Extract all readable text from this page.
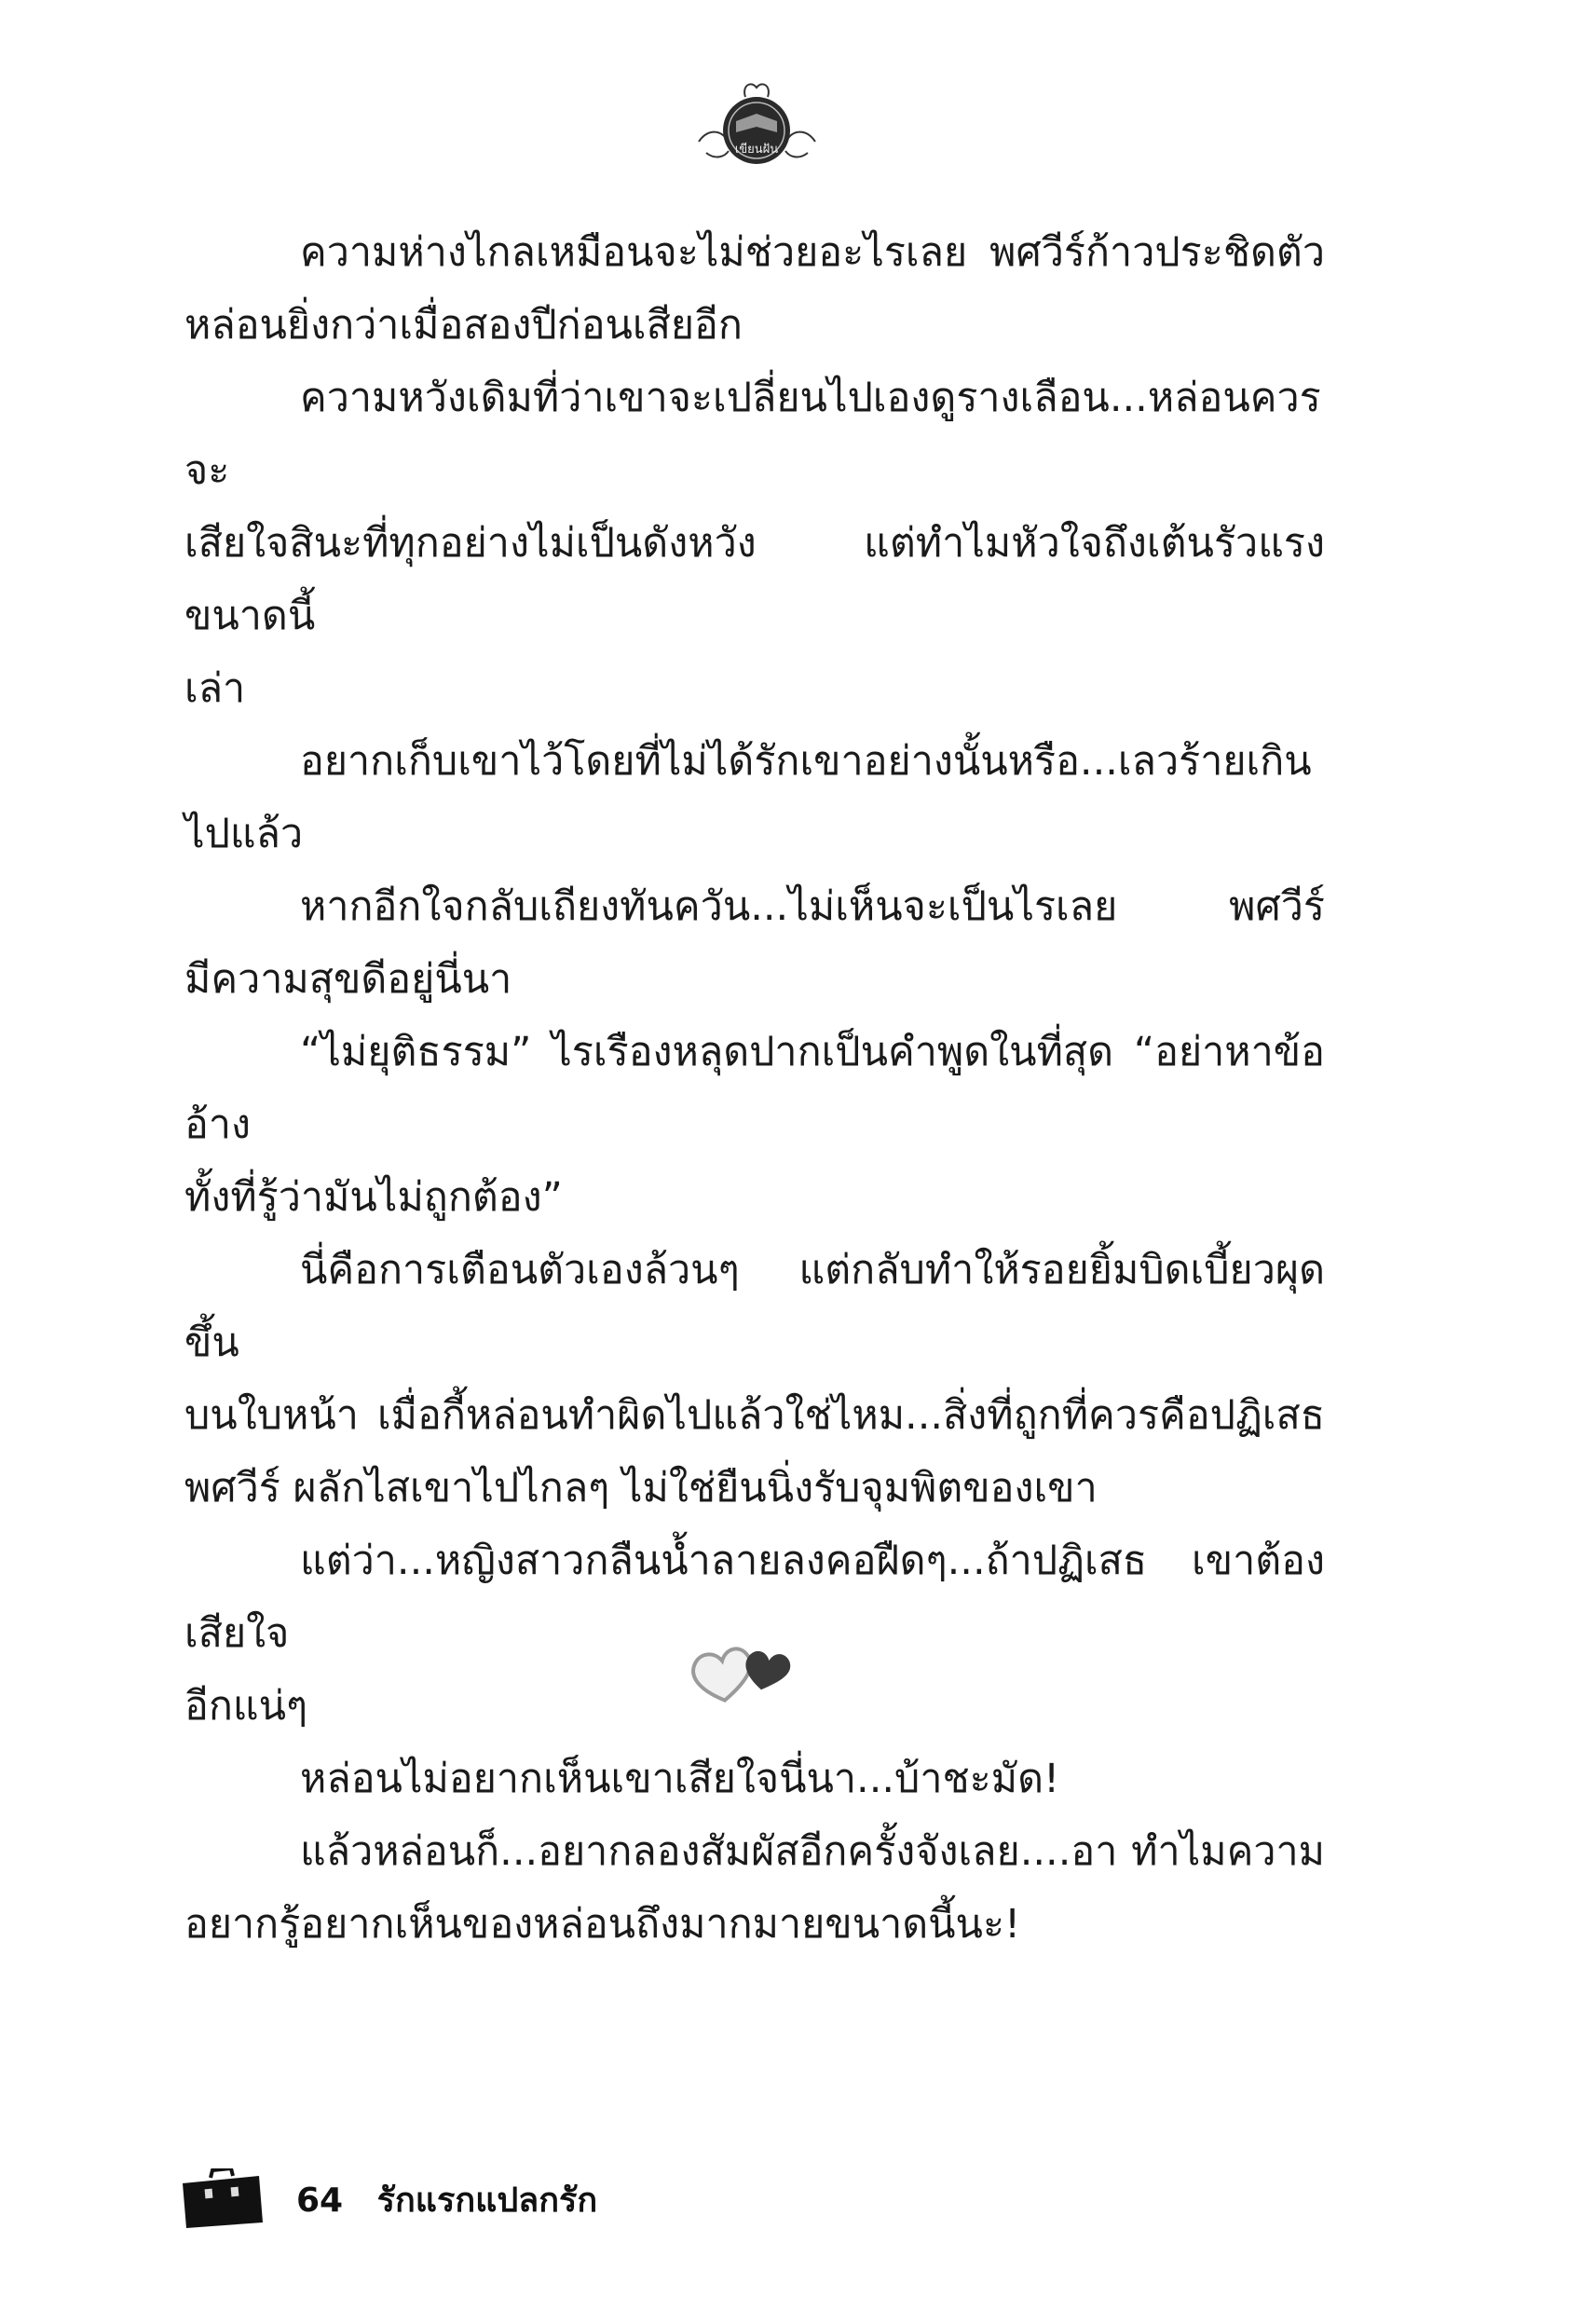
เขียนฝัน

ความห่างไกลเหมือนจะไม่ช่วยอะไรเลย พศวีร์ก้าวประชิดตัว
หล่อนยิ่งกว่าเมื่อสองปีก่อนเสียอีก

ความหวังเดิมที่ว่าเขาจะเปลี่ยนไปเองดูรางเลือน...หล่อนควรจะ
เสียใจสินะที่ทุกอย่างไม่เป็นดังหวัง แต่ทำไมหัวใจถึงเต้นรัวแรงขนาดนี้
เล่า

อยากเก็บเขาไว้โดยที่ไม่ได้รักเขาอย่างนั้นหรือ...เลวร้ายเกินไปแล้ว

หากอีกใจกลับเถียงทันควัน...ไม่เห็นจะเป็นไรเลย พศวีร์
มีความสุขดีอยู่นี่นา

“ไม่ยุติธรรม” ไรเรืองหลุดปากเป็นคำพูดในที่สุด “อย่าหาข้ออ้าง
ทั้งที่รู้ว่ามันไม่ถูกต้อง”

นี่คือการเตือนตัวเองล้วนๆ แต่กลับทำให้รอยยิ้มบิดเบี้ยวผุดขึ้น
บนใบหน้า เมื่อกี้หล่อนทำผิดไปแล้วใช่ไหม...สิ่งที่ถูกที่ควรคือปฏิเสธ
พศวีร์ ผลักไสเขาไปไกลๆ ไม่ใช่ยืนนิ่งรับจุมพิตของเขา

แต่ว่า...หญิงสาวกลืนน้ำลายลงคอฝืดๆ...ถ้าปฏิเสธ เขาต้องเสียใจ
อีกแน่ๆ

หล่อนไม่อยากเห็นเขาเสียใจนี่นา...บ้าชะมัด!

แล้วหล่อนก็...อยากลองสัมผัสอีกครั้งจังเลย....อา ทำไมความ
อยากรู้อยากเห็นของหล่อนถึงมากมายขนาดนี้นะ!

64 รักแรกแปลกรัก
